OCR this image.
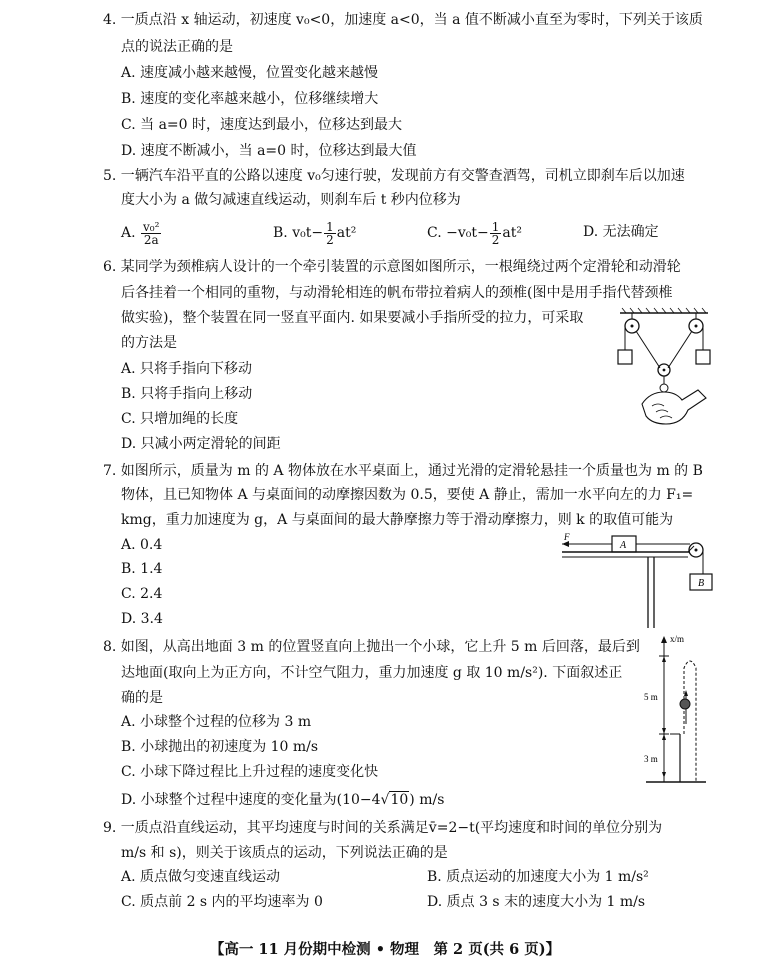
4. 一质点沿 x 轴运动，初速度 v₀<0，加速度 a<0，当 a 值不断减小直至为零时，下列关于该质
点的说法正确的是
A. 速度减小越来越慢，位置变化越来越慢
B. 速度的变化率越来越小，位移继续增大
C. 当 a=0 时，速度达到最小，位移达到最大
D. 速度不断减小，当 a=0 时，位移达到最大值
5. 一辆汽车沿平直的公路以速度 v₀匀速行驶，发现前方有交警查酒驾，司机立即刹车后以加速
度大小为 a 做匀减速直线运动，则刹车后 t 秒内位移为
A. $\frac{\text{v₀²}}{2a}$	B. $v_0t- \frac{1}{2} at^2$	C. $-v_0t- \frac{1}{2} at^2$	D. 无法确定
6. 某同学为颈椎病人设计的一个牵引装置的示意图如图所示，一根绳绕过两个定滑轮和动滑轮
后各挂着一个相同的重物，与动滑轮相连的帆布带拉着病人的颈椎(图中是用手指代替颈椎
做实验)，整个装置在同一竖直平面内. 如果要减小手指所受的拉力，可采取
的方法是
A. 只将手指向下移动
B. 只将手指向上移动
C. 只增加绳的长度
D. 只减小两定滑轮的间距
7. 如图所示，质量为 m 的 A 物体放在水平桌面上，通过光滑的定滑轮悬挂一个质量也为 m 的 B
物体，且已知物体 A 与桌面间的动摩擦因数为 0.5，要使 A 静止，需加一水平向左的力 F₁=
kmg，重力加速度为 g，A 与桌面间的最大静摩擦力等于滑动摩擦力，则 k 的取值可能为
A. 0.4
B. 1.4
C. 2.4
D. 3.4
F
A
B
8. 如图，从高出地面 3 m 的位置竖直向上抛出一个小球，它上升 5 m 后回落，最后到
达地面(取向上为正方向，不计空气阻力，重力加速度 g 取 10 m/s²). 下面叙述正
确的是
A. 小球整个过程的位移为 3 m
B. 小球抛出的初速度为 10 m/s
C. 小球下降过程比上升过程的速度变化快
D. 小球整个过程中速度的变化量为(10−4√10) m/s
x/m
5 m
3 m
9. 一质点沿直线运动，其平均速度与时间的关系满足v̄=2−t(平均速度和时间的单位分别为
m/s 和 s)，则关于该质点的运动，下列说法正确的是
A. 质点做匀变速直线运动	B. 质点运动的加速度大小为 1 m/s²
C. 质点前 2 s 内的平均速率为 0	D. 质点 3 s 末的速度大小为 1 m/s
【高一 11 月份期中检测 • 物理　第 2 页(共 6 页)】
